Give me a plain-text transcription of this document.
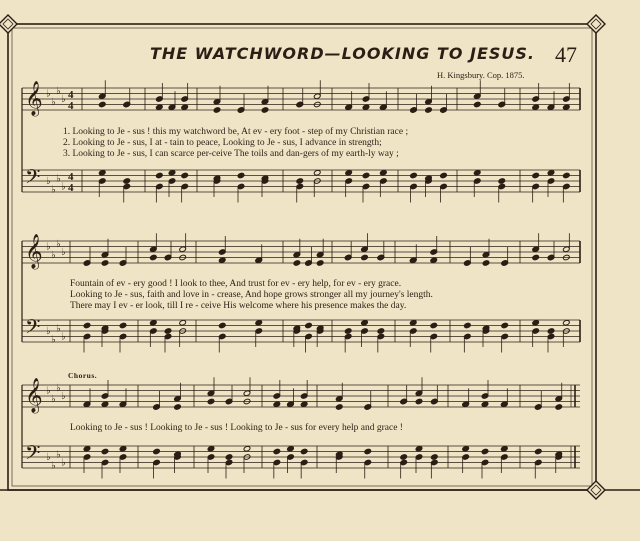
THE WATCHWORD—LOOKING TO JESUS. 47
H. Kingsbury. Cop. 1875.
𝄞
𝄢
♭
♭
♭
♭
♭
♭
♭
♭
4
4
4
4
𝄞
𝄢
♭
♭
♭
♭
♭
♭
♭
♭
𝄞
𝄢
♭
♭
♭
♭
♭
♭
♭
♭
1. Looking to Je - sus ! this my watchword be, At ev - ery foot - step of my Christian race ;
2. Looking to Je - sus, I at - tain to peace, Looking to Je - sus, I advance in strength;
3. Looking to Je - sus, I can scarce per-ceive The toils and dan-gers of my earth-ly way ;
Fountain of ev - ery good ! I look to thee, And trust for ev - ery help, for ev - ery grace.
Looking to Je - sus, faith and love in - crease, And hope grows stronger all my journey's length.
There may I ev - er look, till I re - ceive His welcome where his presence makes the day.
Chorus.
Looking to Je - sus ! Looking to Je - sus ! Looking to Je - sus for every help and grace !
